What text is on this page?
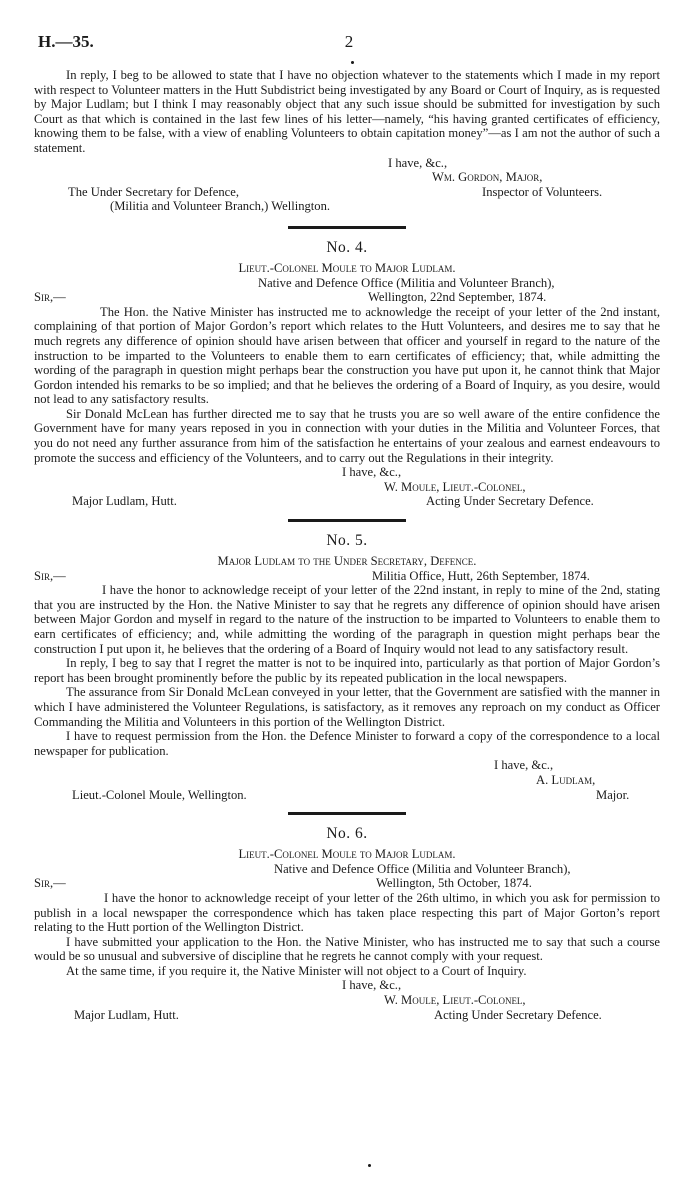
H.—35.	2

In reply, I beg to be allowed to state that I have no objection whatever to the statements which I made in my report with respect to Volunteer matters in the Hutt Subdistrict being investigated by any Board or Court of Inquiry, as is requested by Major Ludlam; but I think I may reasonably object that any such issue should be submitted for investigation by such Court as that which is contained in the last few lines of his letter—namely, “his having granted certificates of efficiency, knowing them to be false, with a view of enabling Volunteers to obtain capitation money”—as I am not the author of such a statement.

I have, &c.,
Wm. Gordon, Major,
The Under Secretary for Defence,	Inspector of Volunteers.
(Militia and Volunteer Branch,) Wellington.
No. 4.
Lieut.-Colonel Moule to Major Ludlam.
Native and Defence Office (Militia and Volunteer Branch),
Sir,—	Wellington, 22nd September, 1874.

The Hon. the Native Minister has instructed me to acknowledge the receipt of your letter of the 2nd instant, complaining of that portion of Major Gordon’s report which relates to the Hutt Volunteers, and desires me to say that he much regrets any difference of opinion should have arisen between that officer and yourself in regard to the nature of the instruction to be imparted to the Volunteers to enable them to earn certificates of efficiency; that, while admitting the wording of the paragraph in question might perhaps bear the construction you have put upon it, he cannot think that Major Gordon intended his remarks to be so implied; and that he believes the ordering of a Board of Inquiry, as you desire, would not lead to any satisfactory results.

Sir Donald McLean has further directed me to say that he trusts you are so well aware of the entire confidence the Government have for many years reposed in you in connection with your duties in the Militia and Volunteer Forces, that you do not need any further assurance from him of the satisfaction he entertains of your zealous and earnest endeavours to promote the success and efficiency of the Volunteers, and to carry out the Regulations in their integrity.

I have, &c.,
W. Moule, Lieut.-Colonel,
Major Ludlam, Hutt.	Acting Under Secretary Defence.
No. 5.
Major Ludlam to the Under Secretary, Defence.
Sir,—	Militia Office, Hutt, 26th September, 1874.

I have the honor to acknowledge receipt of your letter of the 22nd instant, in reply to mine of the 2nd, stating that you are instructed by the Hon. the Native Minister to say that he regrets any difference of opinion should have arisen between Major Gordon and myself in regard to the nature of the instruction to be imparted to Volunteers to enable them to earn certificates of efficiency; and, while admitting the wording of the paragraph in question might perhaps bear the construction I put upon it, he believes that the ordering of a Board of Inquiry would not lead to any satisfactory result.

In reply, I beg to say that I regret the matter is not to be inquired into, particularly as that portion of Major Gordon’s report has been brought prominently before the public by its repeated publication in the local newspapers.

The assurance from Sir Donald McLean conveyed in your letter, that the Government are satisfied with the manner in which I have administered the Volunteer Regulations, is satisfactory, as it removes any reproach on my conduct as Officer Commanding the Militia and Volunteers in this portion of the Wellington District.

I have to request permission from the Hon. the Defence Minister to forward a copy of the correspondence to a local newspaper for publication.

I have, &c.,
A. Ludlam,
Lieut.-Colonel Moule, Wellington.	Major.
No. 6.
Lieut.-Colonel Moule to Major Ludlam.
Native and Defence Office (Militia and Volunteer Branch),
Sir,—	Wellington, 5th October, 1874.

I have the honor to acknowledge receipt of your letter of the 26th ultimo, in which you ask for permission to publish in a local newspaper the correspondence which has taken place respecting this part of Major Gorton’s report relating to the Hutt portion of the Wellington District.

I have submitted your application to the Hon. the Native Minister, who has instructed me to say that such a course would be so unusual and subversive of discipline that he regrets he cannot comply with your request.

At the same time, if you require it, the Native Minister will not object to a Court of Inquiry.

I have, &c.,
W. Moule, Lieut.-Colonel,
Major Ludlam, Hutt.	Acting Under Secretary Defence.
